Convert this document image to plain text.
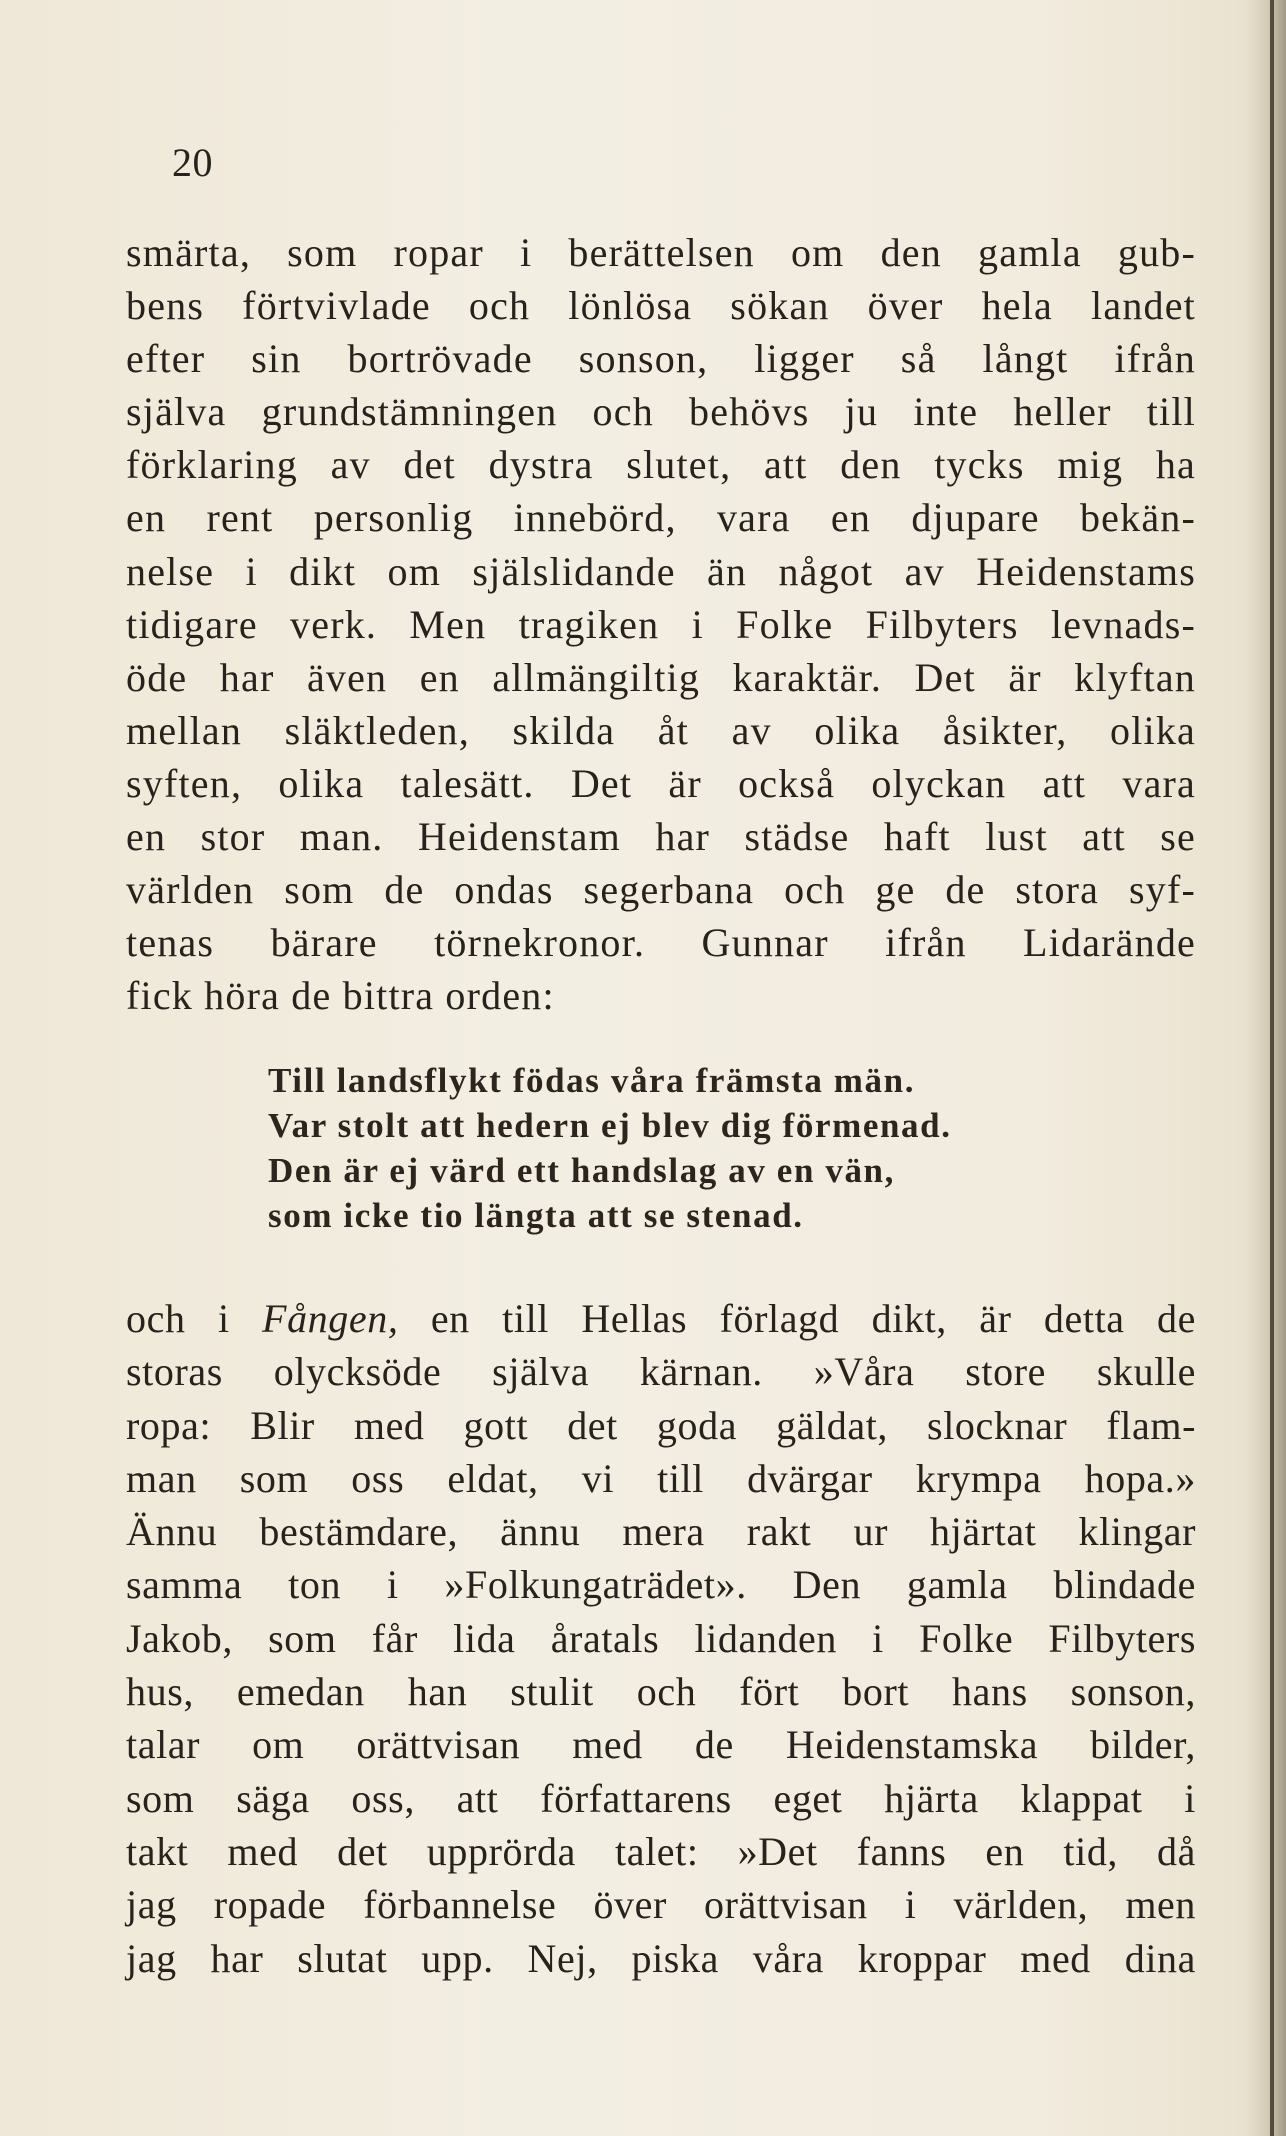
20
smärta, som ropar i berättelsen om den gamla gub-
bens förtvivlade och lönlösa sökan över hela landet
efter sin bortrövade sonson, ligger så långt ifrån
själva grundstämningen och behövs ju inte heller till
förklaring av det dystra slutet, att den tycks mig ha
en rent personlig innebörd, vara en djupare bekän-
nelse i dikt om själslidande än något av Heidenstams
tidigare verk. Men tragiken i Folke Filbyters levnads-
öde har även en allmängiltig karaktär. Det är klyftan
mellan släktleden, skilda åt av olika åsikter, olika
syften, olika talesätt. Det är också olyckan att vara
en stor man. Heidenstam har städse haft lust att se
världen som de ondas segerbana och ge de stora syf-
tenas bärare törnekronor. Gunnar ifrån Lidarände
fick höra de bittra orden:
Till landsflykt födas våra främsta män.
Var stolt att hedern ej blev dig förmenad.
Den är ej värd ett handslag av en vän,
som icke tio längta att se stenad.
och i Fången, en till Hellas förlagd dikt, är detta de
storas olycksöde själva kärnan. »Våra store skulle
ropa: Blir med gott det goda gäldat, slocknar flam-
man som oss eldat, vi till dvärgar krympa hopa.»
Ännu bestämdare, ännu mera rakt ur hjärtat klingar
samma ton i »Folkungaträdet». Den gamla blindade
Jakob, som får lida åratals lidanden i Folke Filbyters
hus, emedan han stulit och fört bort hans sonson,
talar om orättvisan med de Heidenstamska bilder,
som säga oss, att författarens eget hjärta klappat i
takt med det upprörda talet: »Det fanns en tid, då
jag ropade förbannelse över orättvisan i världen, men
jag har slutat upp. Nej, piska våra kroppar med dina
